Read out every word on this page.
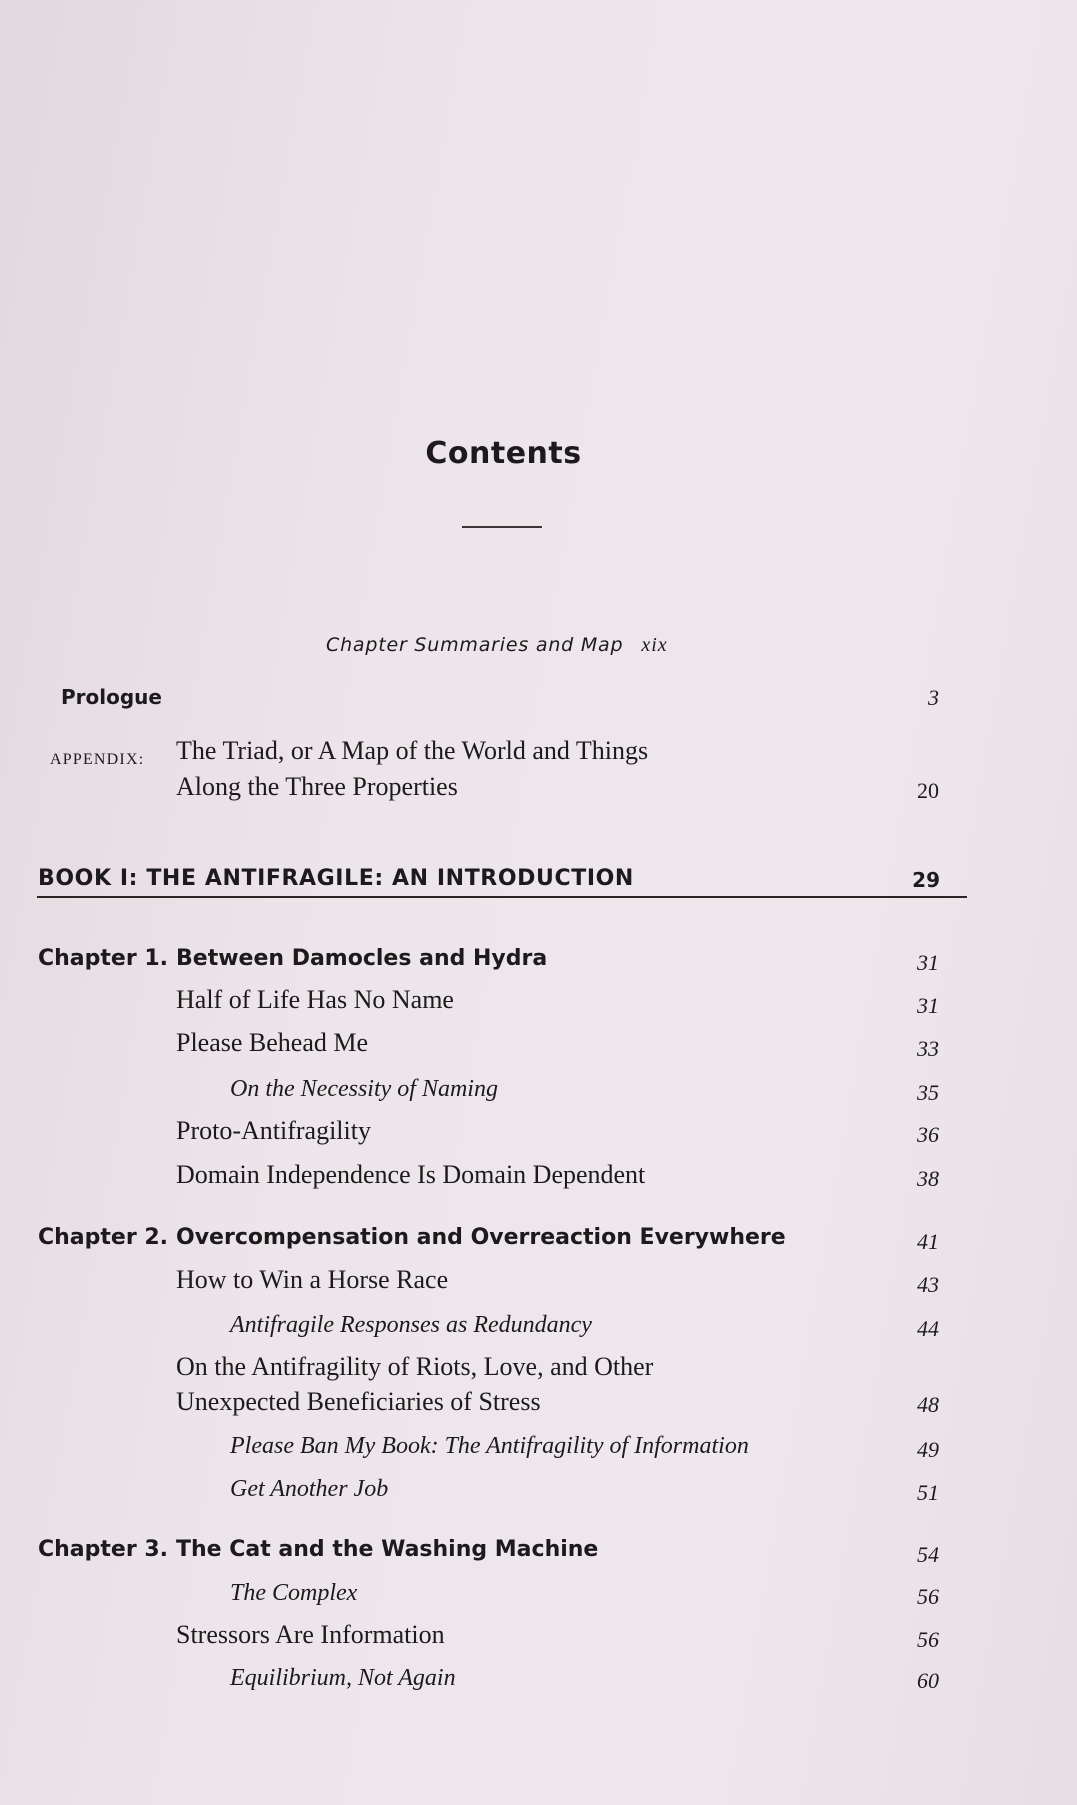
Contents
Chapter Summaries and Map xix
Prologue	3
APPENDIX: The Triad, or A Map of the World and Things
Along the Three Properties	20
BOOK I: THE ANTIFRAGILE: AN INTRODUCTION	29
Chapter 1. Between Damocles and Hydra	31
Half of Life Has No Name	31
Please Behead Me	33
On the Necessity of Naming	35
Proto-Antifragility	36
Domain Independence Is Domain Dependent	38
Chapter 2. Overcompensation and Overreaction Everywhere	41
How to Win a Horse Race	43
Antifragile Responses as Redundancy	44
On the Antifragility of Riots, Love, and Other
Unexpected Beneficiaries of Stress	48
Please Ban My Book: The Antifragility of Information	49
Get Another Job	51
Chapter 3. The Cat and the Washing Machine	54
The Complex	56
Stressors Are Information	56
Equilibrium, Not Again	60
